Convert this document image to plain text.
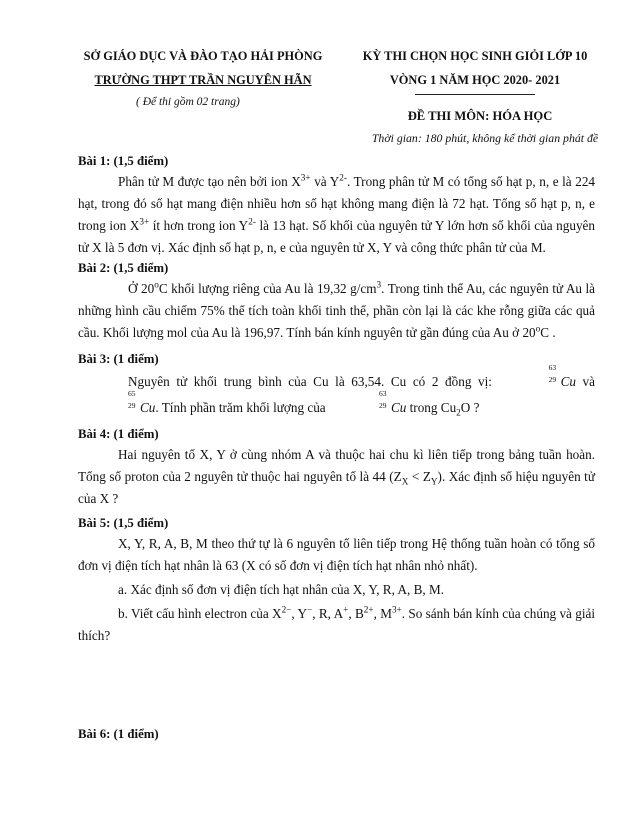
SỞ GIÁO DỤC VÀ ĐÀO TẠO HẢI PHÒNG
TRƯỜNG THPT TRẦN NGUYÊN HÃN
( Để thi gồm 02 trang)
KỲ THI CHỌN HỌC SINH GIỎI LỚP 10
VÒNG 1 NĂM HỌC 2020- 2021
ĐỀ THI MÔN: HÓA HỌC
Thời gian: 180 phút, không kể thời gian phát đề

Bài 1: (1,5 điểm)

Phân tử M được tạo nên bởi ion $X^{3+}$ và $Y^{2-}$. Trong phân tử M có tổng số hạt p, n, e là 224 hạt, trong đó số hạt mang điện nhiều hơn số hạt không mang điện là 72 hạt. Tổng số hạt p, n, e trong ion $X^{3+}$ ít hơn trong ion $Y^{2-}$ là 13 hạt. Số khối của nguyên tử Y lớn hơn số khối của nguyên tử X là 5 đơn vị. Xác định số hạt p, n, e của nguyên tử X, Y và công thức phân tử của M.

Bài 2: (1,5 điểm)

Ở 20$^o$C khối lượng riêng của Au là 19,32 $g/cm^3$. Trong tinh thể Au, các nguyên tử Au là những hình cầu chiếm 75% thể tích toàn khối tinh thể, phần còn lại là các khe rỗng giữa các quả cầu. Khối lượng mol của Au là 196,97. Tính bán kính nguyên tử gần đúng của Au ở 20$^o$C .

Bài 3: (1 điểm)

Nguyên tử khối trung bình của Cu là 63,54. Cu có 2 đồng vị:
63
29 Cu và
65
29 Cu. Tính phần trăm khối lượng của
63
29 Cu trong $Cu_2O$ ?

Bài 4: (1 điểm)

Hai nguyên tố X, Y ở cùng nhóm A và thuộc hai chu kì liên tiếp trong bảng tuần hoàn. Tổng số proton của 2 nguyên tử thuộc hai nguyên tố là 44 $(Z_X < Z_Y)$. Xác định số hiệu nguyên tử của X ?

Bài 5: (1,5 điểm)

X, Y, R, A, B, M theo thứ tự là 6 nguyên tố liên tiếp trong Hệ thống tuần hoàn có tổng số đơn vị điện tích hạt nhân là 63 (X có số đơn vị điện tích hạt nhân nhỏ nhất).

a. Xác định số đơn vị điện tích hạt nhân của X, Y, R, A, B, M.

b. Viết cấu hình electron của $X^{2-}$, Y−, R, A+, $B^{2+}$, $M^{3+}$. So sánh bán kính của chúng và giải thích?

Bài 6: (1 điểm)
